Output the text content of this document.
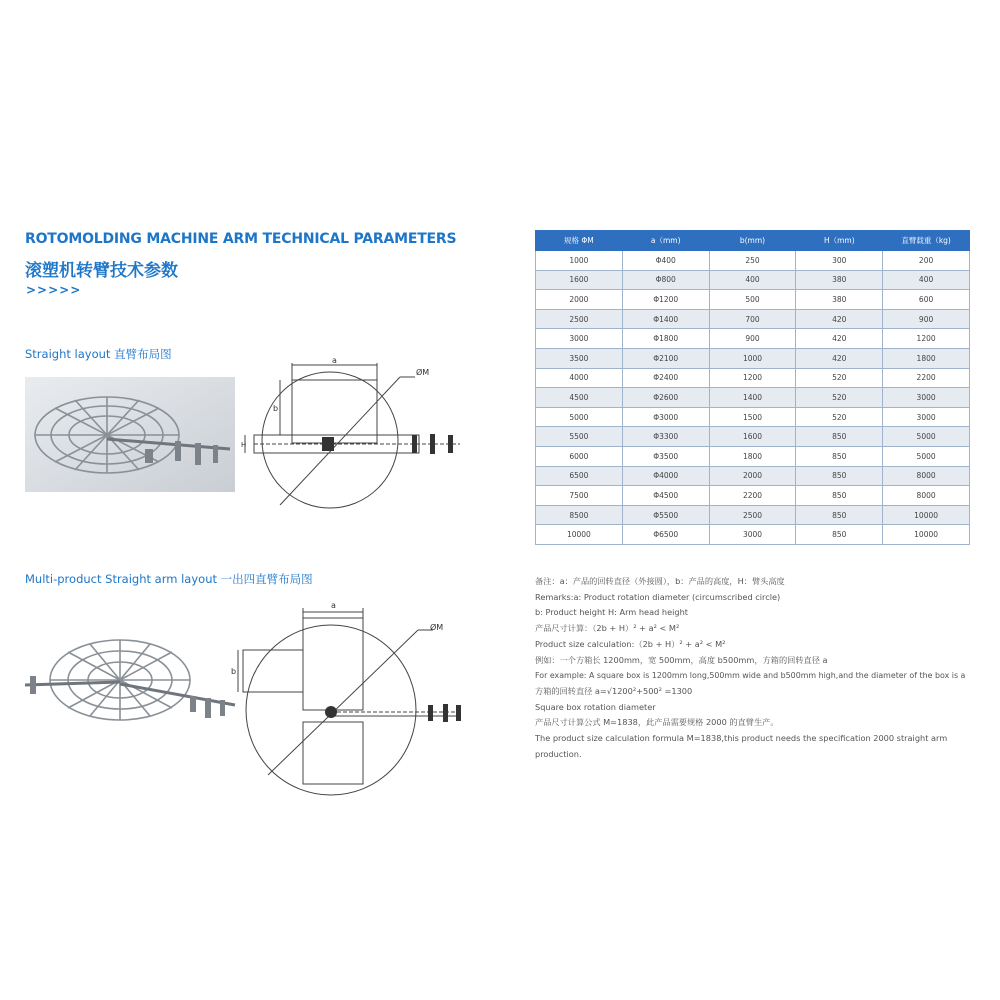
ROTOMOLDING MACHINE ARM TECHNICAL PARAMETERS
滚塑机转臂技术参数
>>>>>
Straight layout 直臂布局图	a
b
H
ØM
Multi-product Straight arm layout 一出四直臂布局图
a
b
ØM
规格 ΦM	a（mm)	b(mm)	H（mm)	直臂载重（kg)
1000	Φ400	250	300	200
1600	Φ800	400	380	400
2000	Φ1200	500	380	600
2500	Φ1400	700	420	900
3000	Φ1800	900	420	1200
3500	Φ2100	1000	420	1800
4000	Φ2400	1200	520	2200
4500	Φ2600	1400	520	3000
5000	Φ3000	1500	520	3000
5500	Φ3300	1600	850	5000
6000	Φ3500	1800	850	5000
6500	Φ4000	2000	850	8000
7500	Φ4500	2200	850	8000
8500	Φ5500	2500	850	10000
10000	Φ6500	3000	850	10000
备注：a：产品的回转直径（外接圆），b：产品的高度，H：臂头高度
Remarks:a: Product rotation diameter (circumscribed circle)
b: Product height H: Arm head height
产品尺寸计算：（2b + H）² + a² < M²
Product size calculation:（2b + H）² + a² < M²
例如：一个方箱长 1200mm，宽 500mm，高度 b500mm，方箱的回转直径 a
For example: A square box is 1200mm long,500mm wide and b500mm high,and the diameter of the box is a
方箱的回转直径 a=√1200²+500² =1300
Square box rotation diameter
产品尺寸计算公式 M=1838，此产品需要规格 2000 的直臂生产。
The product size calculation formula M=1838,this product needs the specification 2000 straight arm production.
